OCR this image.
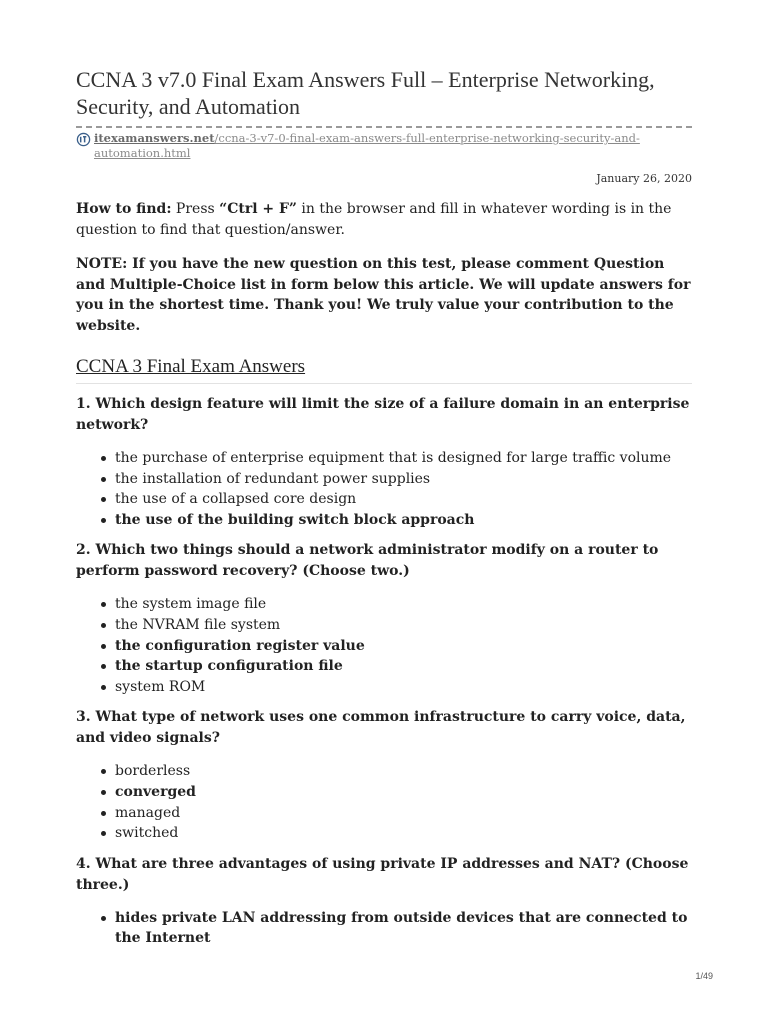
CCNA 3 v7.0 Final Exam Answers Full – Enterprise Networking, Security, and Automation
itexamanswers.net/ccna-3-v7-0-final-exam-answers-full-enterprise-networking-security-and-automation.html
January 26, 2020

How to find: Press “Ctrl + F” in the browser and fill in whatever wording is in the question to find that question/answer.

NOTE: If you have the new question on this test, please comment Question and Multiple-Choice list in form below this article. We will update answers for you in the shortest time. Thank you! We truly value your contribution to the website.
CCNA 3 Final Exam Answers
1. Which design feature will limit the size of a failure domain in an enterprise network?
the purchase of enterprise equipment that is designed for large traffic volume
the installation of redundant power supplies
the use of a collapsed core design
the use of the building switch block approach
2. Which two things should a network administrator modify on a router to perform password recovery? (Choose two.)
the system image file
the NVRAM file system
the configuration register value
the startup configuration file
system ROM
3. What type of network uses one common infrastructure to carry voice, data, and video signals?
borderless
converged
managed
switched
4. What are three advantages of using private IP addresses and NAT? (Choose three.)
hides private LAN addressing from outside devices that are connected to the Internet
1/49
